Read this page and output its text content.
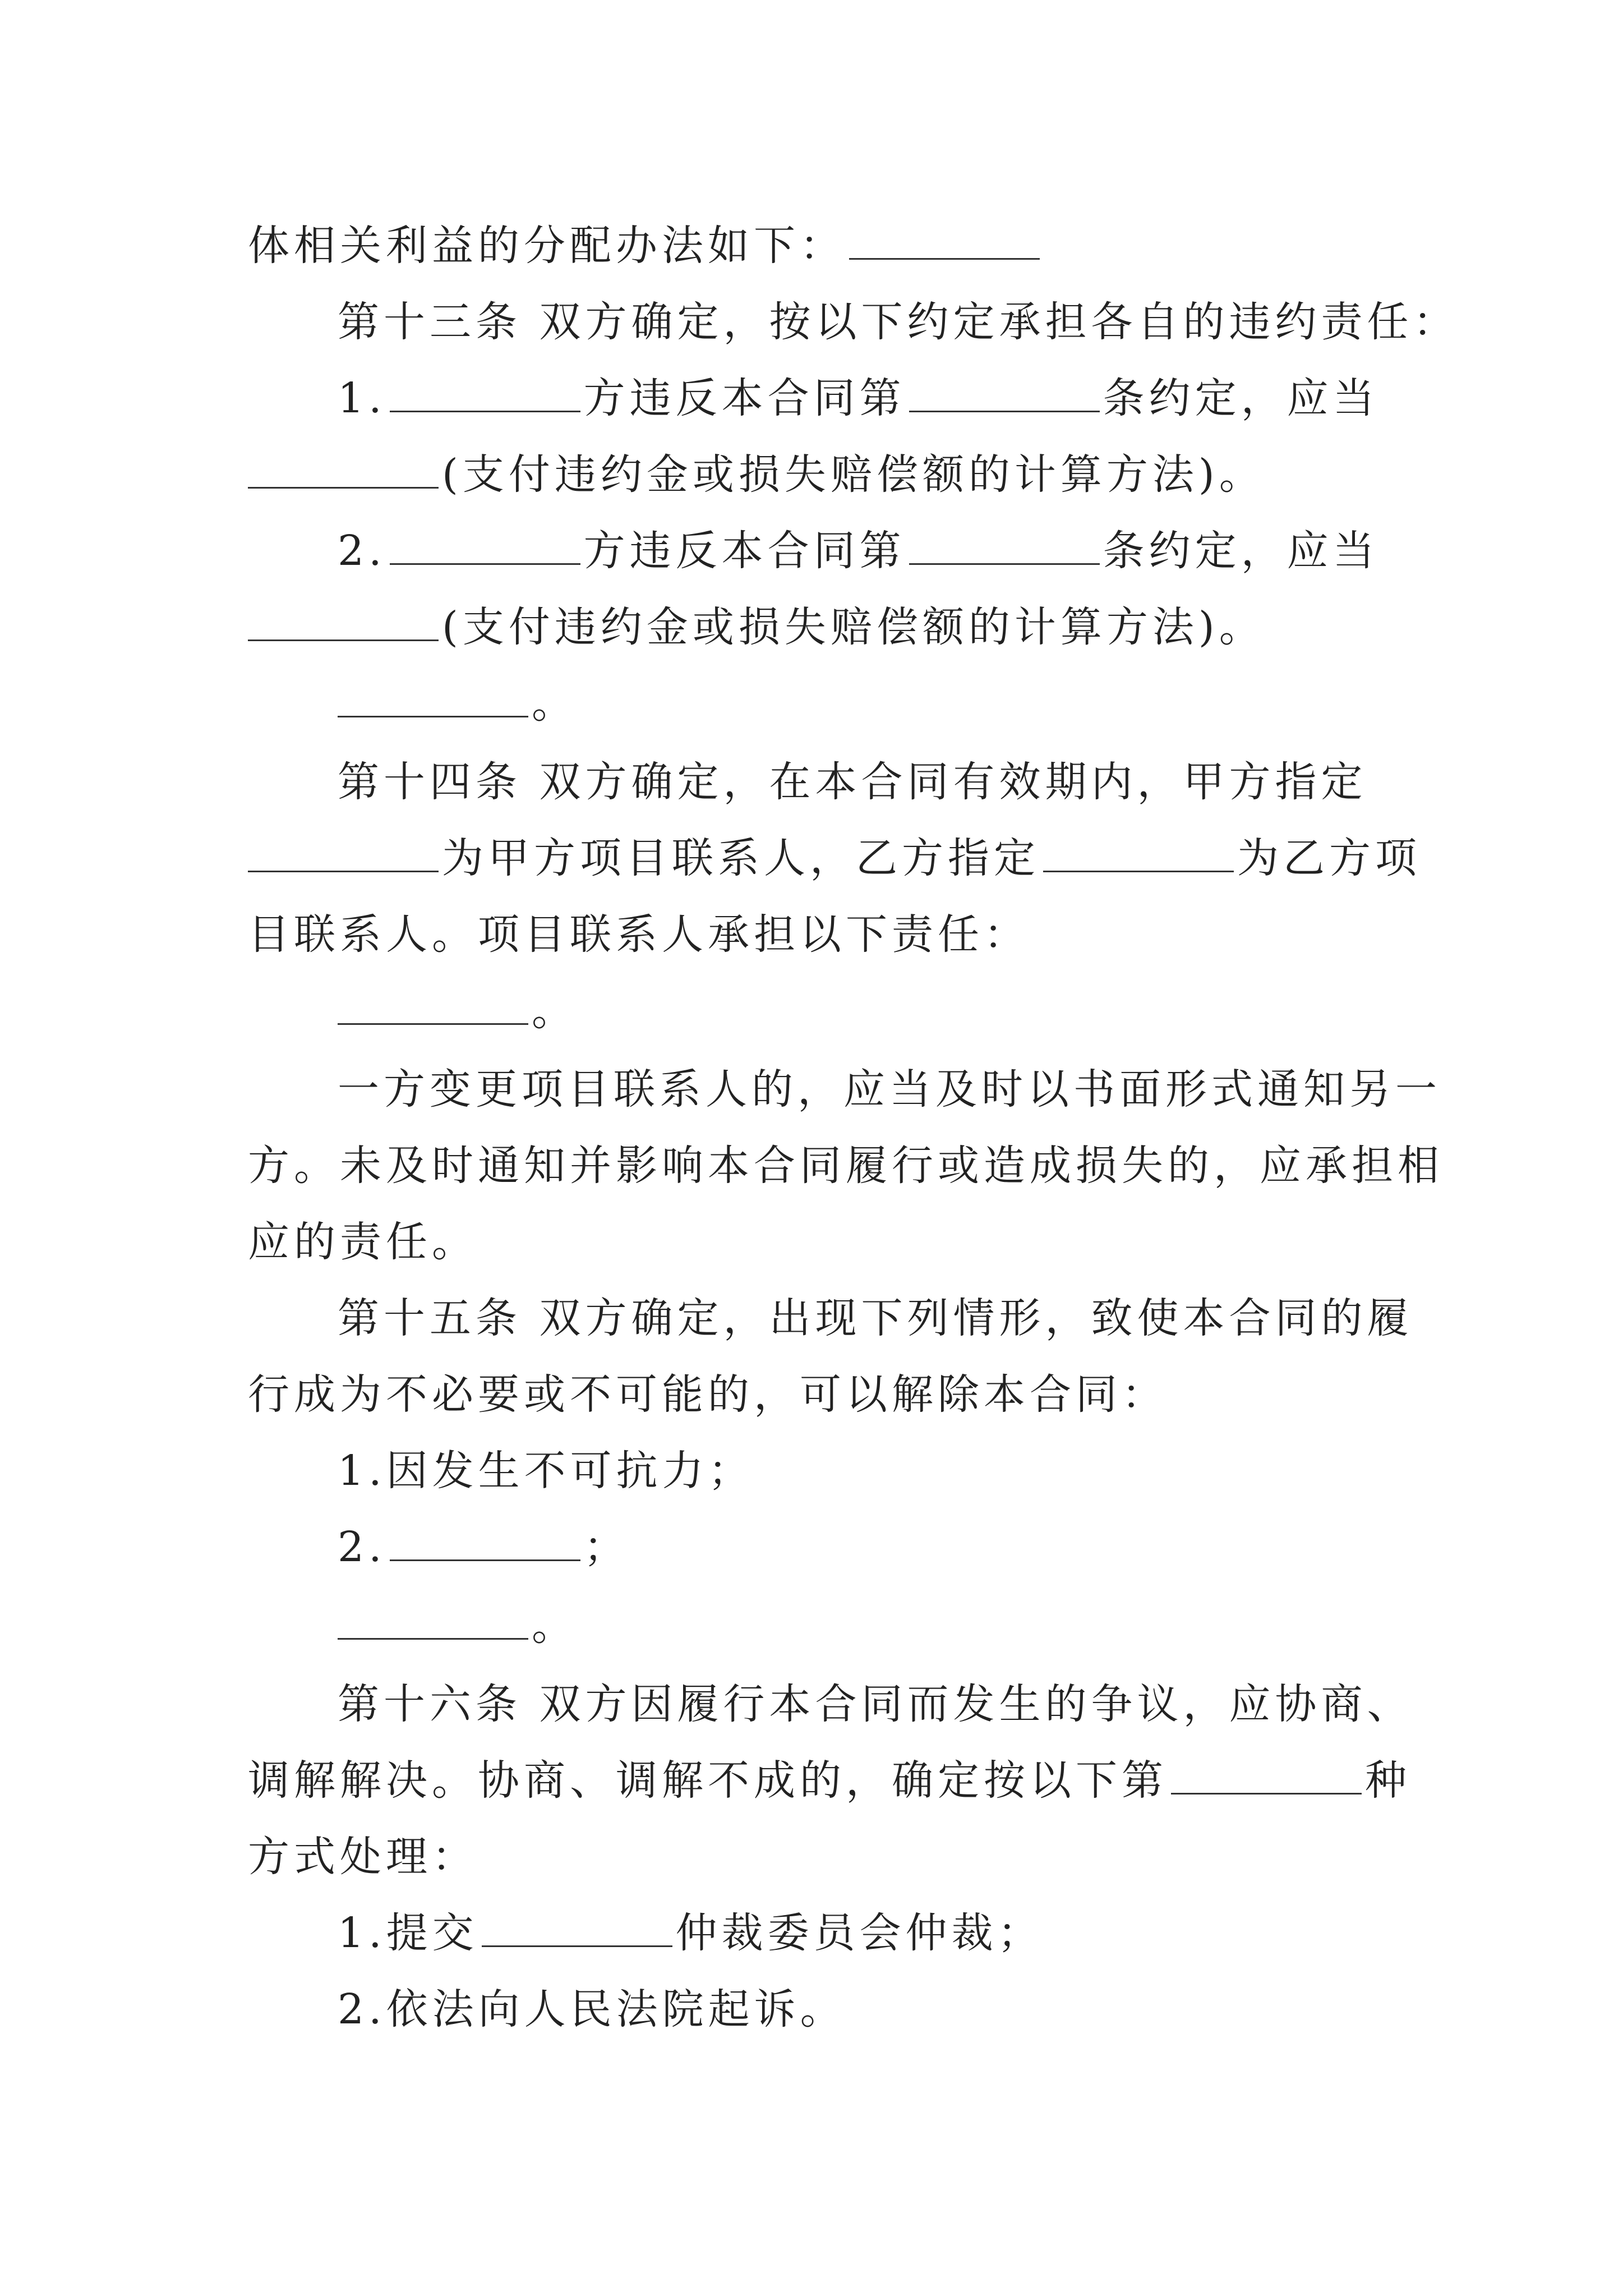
体相关利益的分配办法如下：
第十三条 双方确定，按以下约定承担各自的违约责任：
1.	方违反本合同第	条约定，应当
(支付违约金或损失赔偿额的计算方法)。
2.	方违反本合同第	条约定，应当
(支付违约金或损失赔偿额的计算方法)。
。
第十四条 双方确定，在本合同有效期内，甲方指定
为甲方项目联系人，乙方指定	为乙方项
目联系人。项目联系人承担以下责任：
。
一方变更项目联系人的，应当及时以书面形式通知另一
方。未及时通知并影响本合同履行或造成损失的，应承担相
应的责任。
第十五条 双方确定，出现下列情形，致使本合同的履
行成为不必要或不可能的，可以解除本合同：
1.因发生不可抗力；
2.	；
。
第十六条 双方因履行本合同而发生的争议，应协商、
调解解决。协商、调解不成的，确定按以下第	种
方式处理：
1.提交	仲裁委员会仲裁；
2.依法向人民法院起诉。
